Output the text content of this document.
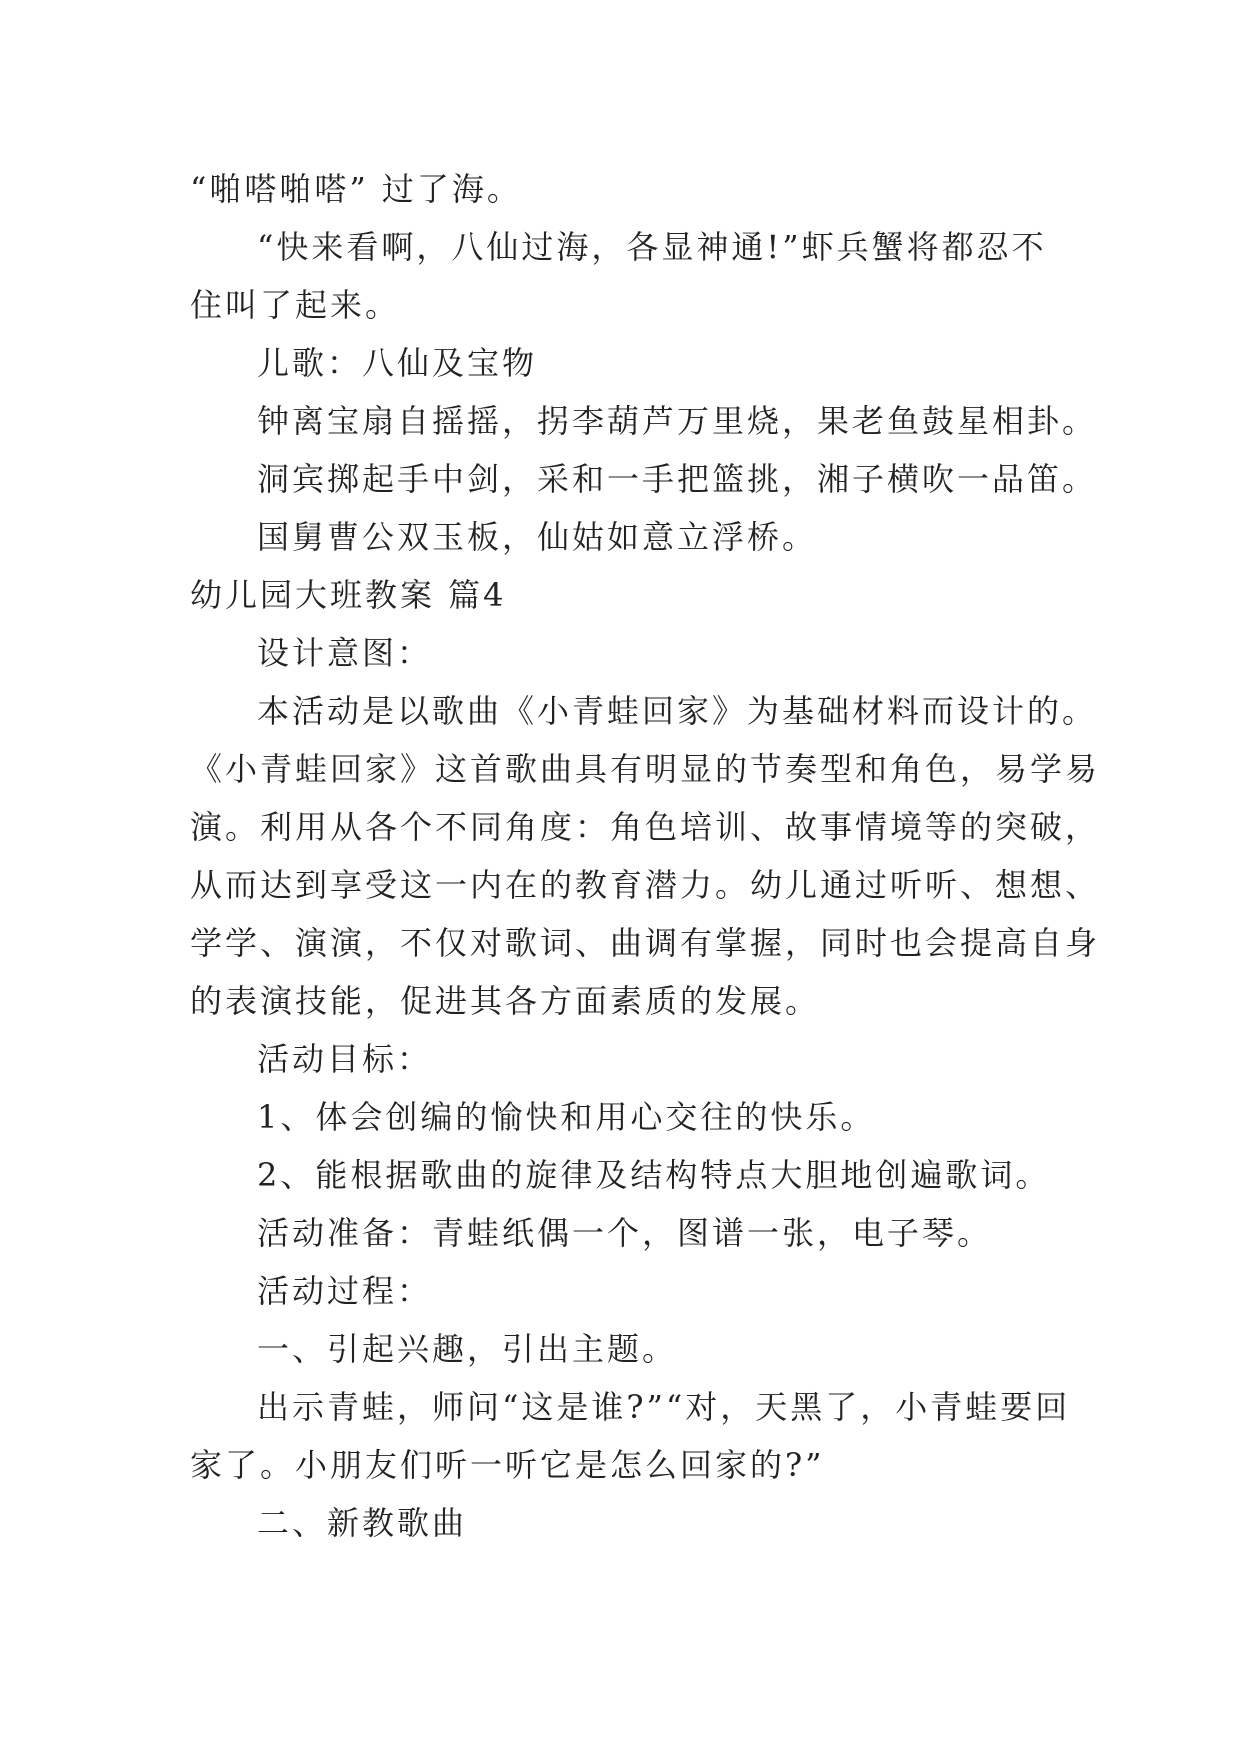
“啪嗒啪嗒” 过了海。
“快来看啊，八仙过海，各显神通!”虾兵蟹将都忍不
住叫了起来。
儿歌：八仙及宝物
钟离宝扇自摇摇，拐李葫芦万里烧，果老鱼鼓星相卦。
洞宾掷起手中剑，采和一手把篮挑，湘子横吹一品笛。
国舅曹公双玉板，仙姑如意立浮桥。
幼儿园大班教案 篇4
设计意图：
本活动是以歌曲《小青蛙回家》为基础材料而设计的。
《小青蛙回家》这首歌曲具有明显的节奏型和角色，易学易
演。利用从各个不同角度：角色培训、故事情境等的突破，
从而达到享受这一内在的教育潜力。幼儿通过听听、想想、
学学、演演，不仅对歌词、曲调有掌握，同时也会提高自身
的表演技能，促进其各方面素质的发展。
活动目标：
1、体会创编的愉快和用心交往的快乐。
2、能根据歌曲的旋律及结构特点大胆地创遍歌词。
活动准备：青蛙纸偶一个，图谱一张，电子琴。
活动过程：
一、引起兴趣，引出主题。
出示青蛙，师问“这是谁?”“对，天黑了，小青蛙要回
家了。小朋友们听一听它是怎么回家的?”
二、新教歌曲
